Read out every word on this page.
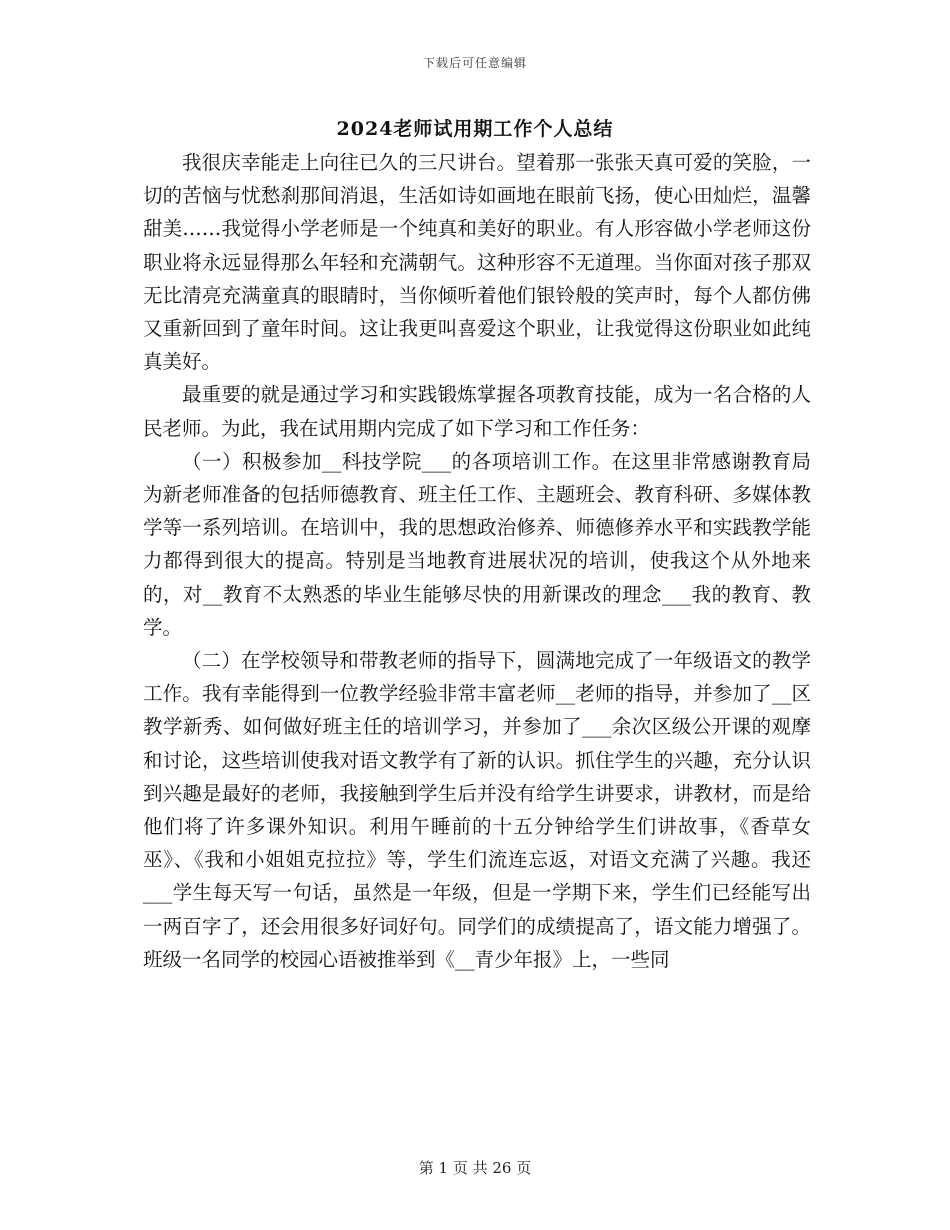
下载后可任意编辑
2024老师试用期工作个人总结

我很庆幸能走上向往已久的三尺讲台。望着那一张张天真可爱的笑脸，一切的苦恼与忧愁刹那间消退，生活如诗如画地在眼前飞扬，使心田灿烂，温馨甜美……我觉得小学老师是一个纯真和美好的职业。有人形容做小学老师这份职业将永远显得那么年轻和充满朝气。这种形容不无道理。当你面对孩子那双无比清亮充满童真的眼睛时，当你倾听着他们银铃般的笑声时，每个人都仿佛又重新回到了童年时间。这让我更叫喜爱这个职业，让我觉得这份职业如此纯真美好。

最重要的就是通过学习和实践锻炼掌握各项教育技能，成为一名合格的人民老师。为此，我在试用期内完成了如下学习和工作任务：

（一）积极参加__科技学院___的各项培训工作。在这里非常感谢教育局为新老师准备的包括师德教育、班主任工作、主题班会、教育科研、多媒体教学等一系列培训。在培训中，我的思想政治修养、师德修养水平和实践教学能力都得到很大的提高。特别是当地教育进展状况的培训，使我这个从外地来的，对__教育不太熟悉的毕业生能够尽快的用新课改的理念___我的教育、教学。

（二）在学校领导和带教老师的指导下，圆满地完成了一年级语文的教学工作。我有幸能得到一位教学经验非常丰富老师__老师的指导，并参加了__区教学新秀、如何做好班主任的培训学习，并参加了___余次区级公开课的观摩和讨论，这些培训使我对语文教学有了新的认识。抓住学生的兴趣，充分认识到兴趣是最好的老师，我接触到学生后并没有给学生讲要求，讲教材，而是给他们将了许多课外知识。利用午睡前的十五分钟给学生们讲故事，《香草女巫》、《我和小姐姐克拉拉》等，学生们流连忘返，对语文充满了兴趣。我还___学生每天写一句话，虽然是一年级，但是一学期下来，学生们已经能写出一两百字了，还会用很多好词好句。同学们的成绩提高了，语文能力增强了。班级一名同学的校园心语被推举到《__青少年报》上，一些同

第 1 页 共 26 页
